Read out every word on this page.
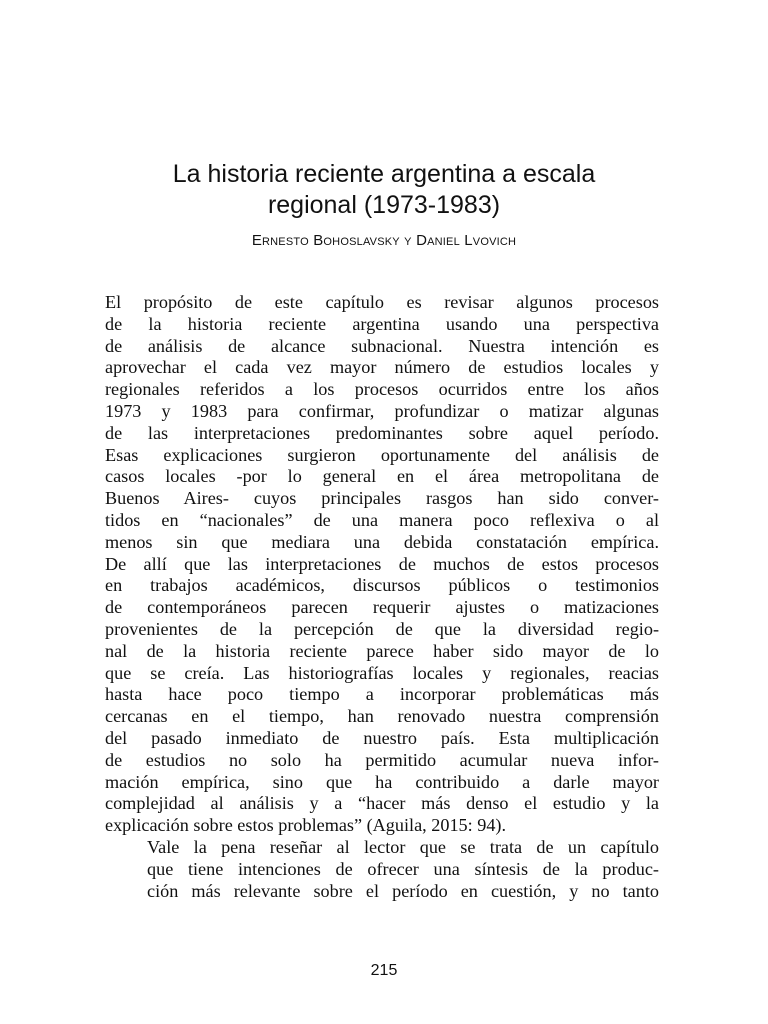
La historia reciente argentina a escala
regional (1973-1983)
Ernesto Bohoslavsky y Daniel Lvovich

El propósito de este capítulo es revisar algunos procesos
de la historia reciente argentina usando una perspectiva
de análisis de alcance subnacional. Nuestra intención es
aprovechar el cada vez mayor número de estudios locales y
regionales referidos a los procesos ocurridos entre los años
1973 y 1983 para confirmar, profundizar o matizar algunas
de las interpretaciones predominantes sobre aquel período.
Esas explicaciones surgieron oportunamente del análisis de
casos locales -por lo general en el área metropolitana de
Buenos Aires- cuyos principales rasgos han sido conver-
tidos en “nacionales” de una manera poco reflexiva o al
menos sin que mediara una debida constatación empírica.
De allí que las interpretaciones de muchos de estos procesos
en trabajos académicos, discursos públicos o testimonios
de contemporáneos parecen requerir ajustes o matizaciones
provenientes de la percepción de que la diversidad regio-
nal de la historia reciente parece haber sido mayor de lo
que se creía. Las historiografías locales y regionales, reacias
hasta hace poco tiempo a incorporar problemáticas más
cercanas en el tiempo, han renovado nuestra comprensión
del pasado inmediato de nuestro país. Esta multiplicación
de estudios no solo ha permitido acumular nueva infor-
mación empírica, sino que ha contribuido a darle mayor
complejidad al análisis y a “hacer más denso el estudio y la
explicación sobre estos problemas” (Aguila, 2015: 94).

Vale la pena reseñar al lector que se trata de un capítulo
que tiene intenciones de ofrecer una síntesis de la produc-
ción más relevante sobre el período en cuestión, y no tanto

215
